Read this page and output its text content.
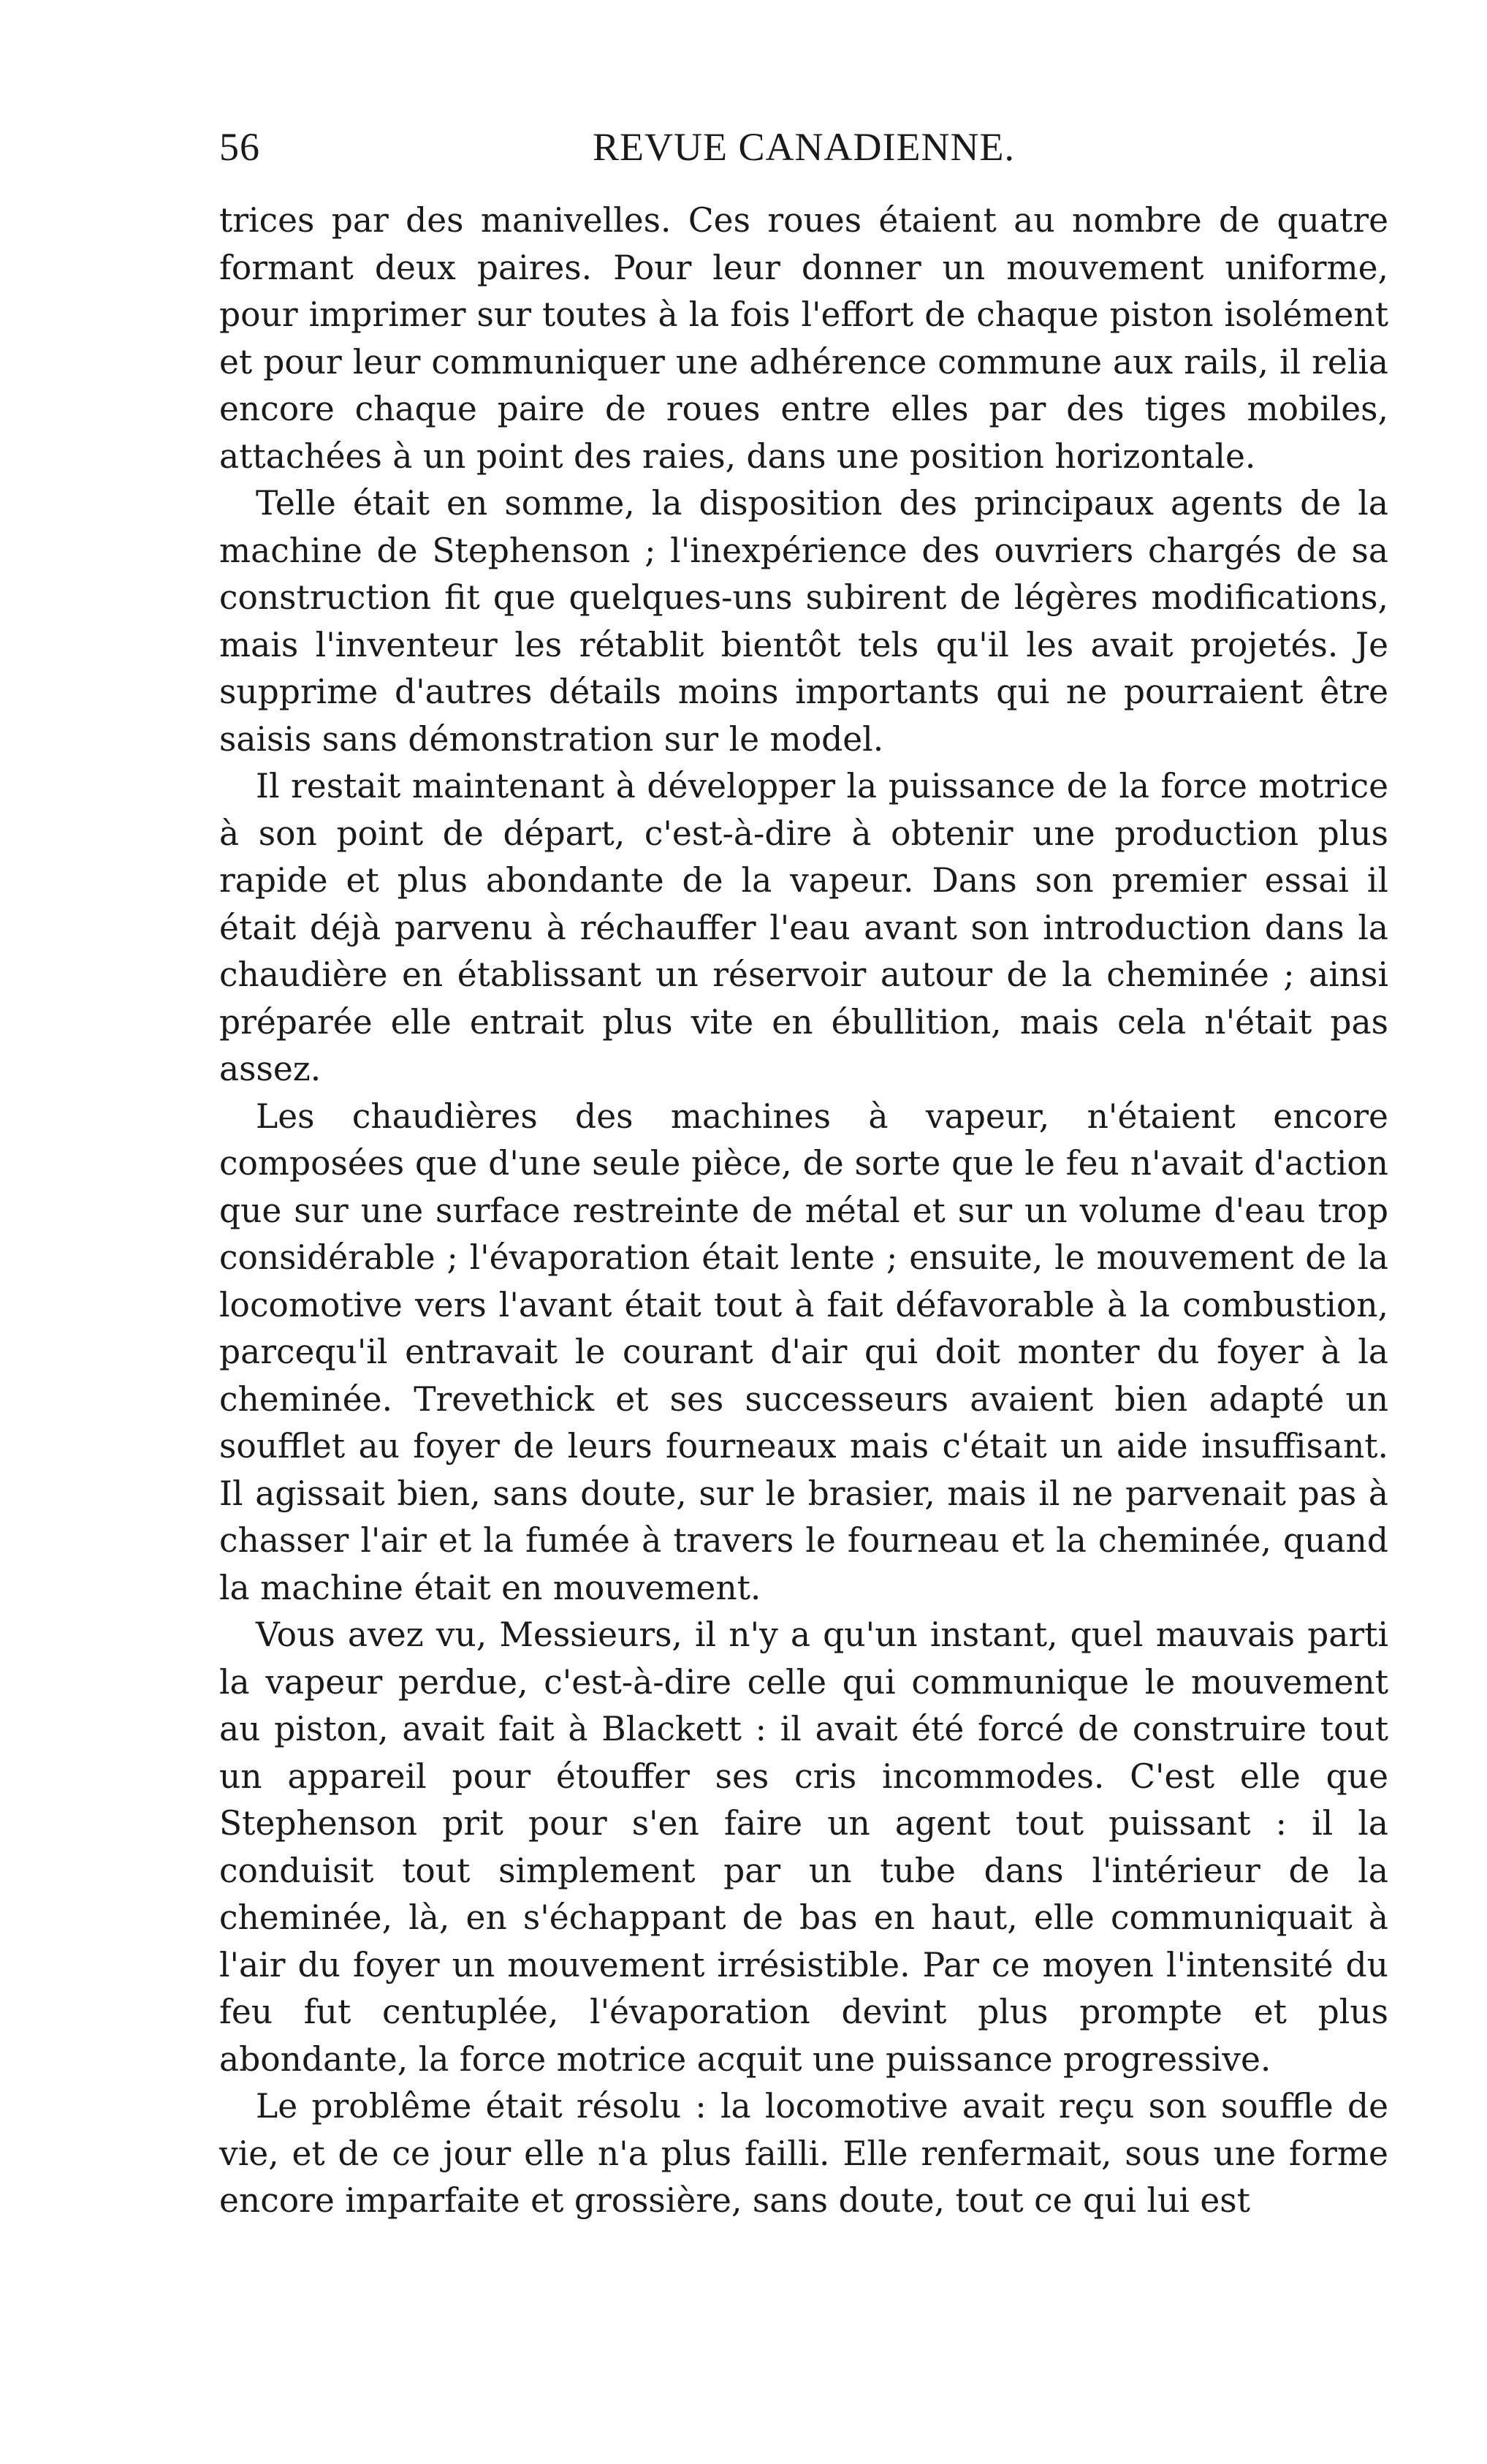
56	REVUE CANADIENNE.

trices par des manivelles. Ces roues étaient au nombre de quatre formant deux paires. Pour leur donner un mouvement uniforme, pour imprimer sur toutes à la fois l'effort de chaque piston isolément et pour leur communiquer une adhérence commune aux rails, il relia encore chaque paire de roues entre elles par des tiges mobiles, attachées à un point des raies, dans une position horizontale.

Telle était en somme, la disposition des principaux agents de la machine de Stephenson ; l'inexpérience des ouvriers chargés de sa construction fit que quelques-uns subirent de légères modifications, mais l'inventeur les rétablit bientôt tels qu'il les avait projetés. Je supprime d'autres détails moins importants qui ne pourraient être saisis sans démonstration sur le model.

Il restait maintenant à développer la puissance de la force motrice à son point de départ, c'est-à-dire à obtenir une production plus rapide et plus abondante de la vapeur. Dans son premier essai il était déjà parvenu à réchauffer l'eau avant son introduction dans la chaudière en établissant un réservoir autour de la cheminée ; ainsi préparée elle entrait plus vite en ébullition, mais cela n'était pas assez.

Les chaudières des machines à vapeur, n'étaient encore composées que d'une seule pièce, de sorte que le feu n'avait d'action que sur une surface restreinte de métal et sur un volume d'eau trop considérable ; l'évaporation était lente ; ensuite, le mouvement de la locomotive vers l'avant était tout à fait défavorable à la combustion, parcequ'il entravait le courant d'air qui doit monter du foyer à la cheminée. Trevethick et ses successeurs avaient bien adapté un soufflet au foyer de leurs fourneaux mais c'était un aide insuffisant. Il agissait bien, sans doute, sur le brasier, mais il ne parvenait pas à chasser l'air et la fumée à travers le fourneau et la cheminée, quand la machine était en mouvement.

Vous avez vu, Messieurs, il n'y a qu'un instant, quel mauvais parti la vapeur perdue, c'est-à-dire celle qui communique le mouvement au piston, avait fait à Blackett : il avait été forcé de construire tout un appareil pour étouffer ses cris incommodes. C'est elle que Stephenson prit pour s'en faire un agent tout puissant : il la conduisit tout simplement par un tube dans l'intérieur de la cheminée, là, en s'échappant de bas en haut, elle communiquait à l'air du foyer un mouvement irrésistible. Par ce moyen l'intensité du feu fut centuplée, l'évaporation devint plus prompte et plus abondante, la force motrice acquit une puissance progressive.

Le problême était résolu : la locomotive avait reçu son souffle de vie, et de ce jour elle n'a plus failli. Elle renfermait, sous une forme encore imparfaite et grossière, sans doute, tout ce qui lui est
